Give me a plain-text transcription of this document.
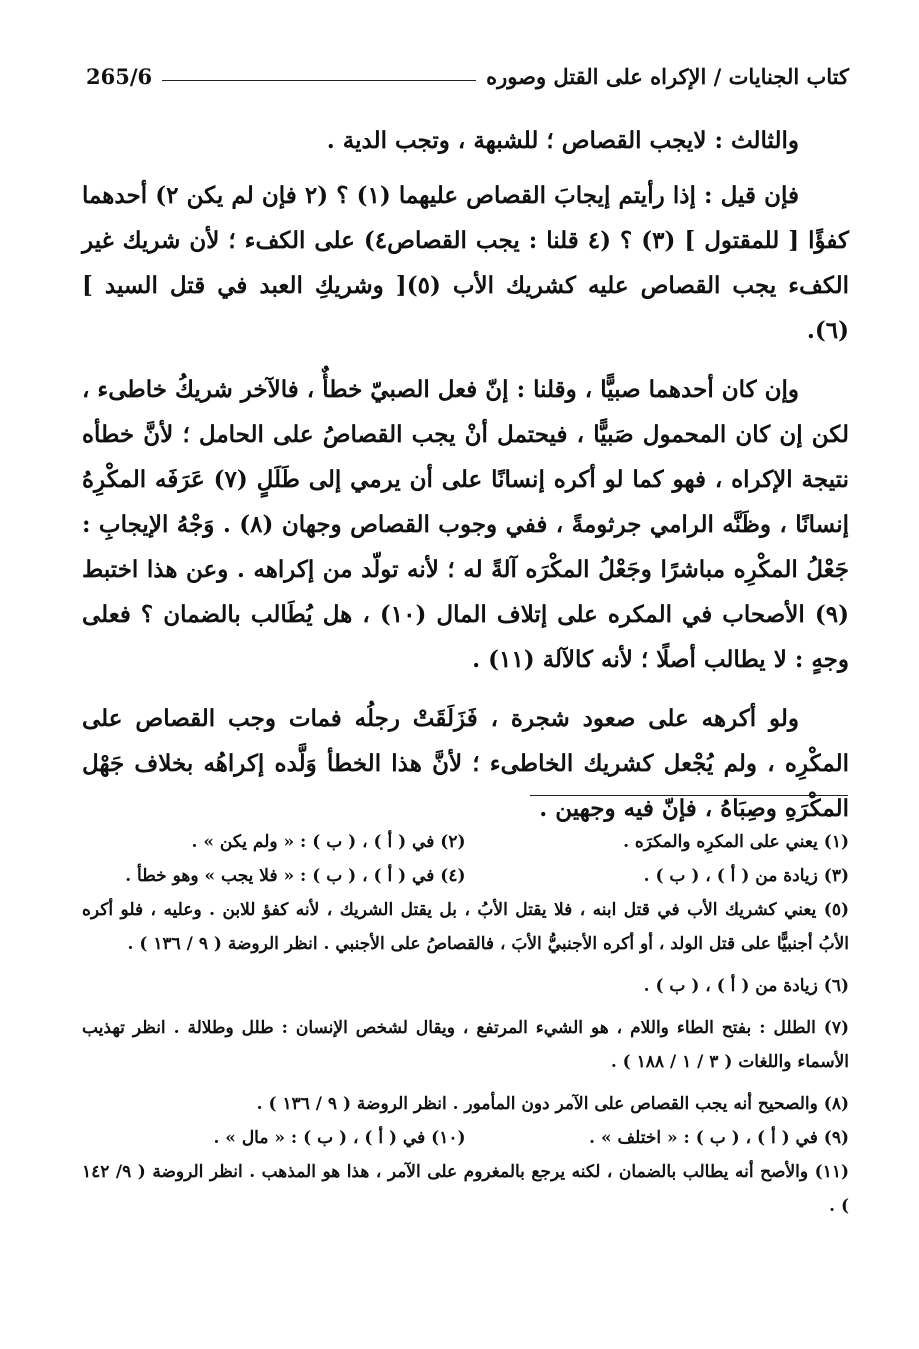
كتاب الجنايات / الإكراه على القتل وصوره
265/6

والثالث : لايجب القصاص ؛ للشبهة ، وتجب الدية .

فإن قيل : إذا رأيتم إيجابَ القصاص عليهما (١) ؟ (٢ فإن لم يكن ٢) أحدهما كفؤًا [ للمقتول ] (٣) ؟ (٤ قلنا : يجب القصاص٤) على الكفء ؛ لأن شريك غير الكفء يجب القصاص عليه كشريك الأب (٥)[ وشريكِ العبد في قتل السيد ] (٦).

وإن كان أحدهما صبيًّا ، وقلنا : إنّ فعل الصبيّ خطأٌ ، فالآخر شريكُ خاطىء ، لكن إن كان المحمول صَبيًّا ، فيحتمل أنْ يجب القصاصُ على الحامل ؛ لأنَّ خطأه نتيجة الإكراه ، فهو كما لو أكره إنسانًا على أن يرمي إلى طَلَلٍ (٧) عَرَفَه المكْرِهُ إنسانًا ، وظَنَّه الرامي جرثومةً ، ففي وجوب القصاص وجهان (٨) . وَجْهُ الإيجابِ : جَعْلُ المكْرِه مباشرًا وجَعْلُ المكْرَه آلةً له ؛ لأنه تولّد من إكراهه . وعن هذا اختبط (٩) الأصحاب في المكره على إتلاف المال (١٠) ، هل يُطَالب بالضمان ؟ فعلى وجهٍ : لا يطالب أصلًا ؛ لأنه كالآلة (١١) .

ولو أكرهه على صعود شجرة ، فَزَلَقَتْ رجلُه فمات وجب القصاص على المكْرِه ، ولم يُجْعل كشريك الخاطىء ؛ لأنَّ هذا الخطأ وَلَّده إكراهُه بخلاف جَهْل المكْرَهِ وصِبَاهُ ، فإنّ فيه وجهين .

(١) يعني على المكرِه والمكرَه .
(٢) في ( أ ) ، ( ب ) : « ولم يكن » .
(٣) زيادة من ( أ ) ، ( ب ) .
(٤) في ( أ ) ، ( ب ) : « فلا يجب » وهو خطأ .
(٥) يعني كشريك الأب في قتل ابنه ، فلا يقتل الأبُ ، بل يقتل الشريك ، لأنه كفؤ للابن . وعليه ، فلو أكره الأبُ أجنبيًّا على قتل الولد ، أو أكره الأجنبيُّ الأبَ ، فالقصاصُ على الأجنبي . انظر الروضة ( ٩ / ١٣٦ ) .
(٦) زيادة من ( أ ) ، ( ب ) .
(٧) الطلل : بفتح الطاء واللام ، هو الشيء المرتفع ، ويقال لشخص الإنسان : طلل وطلالة . انظر تهذيب الأسماء واللغات ( ٣ / ١ / ١٨٨ ) .
(٨) والصحيح أنه يجب القصاص على الآمر دون المأمور . انظر الروضة ( ٩ / ١٣٦ ) .
(٩) في ( أ ) ، ( ب ) : « اختلف » .
(١٠) في ( أ ) ، ( ب ) : « مال » .
(١١) والأصح أنه يطالب بالضمان ، لكنه يرجع بالمغروم على الآمر ، هذا هو المذهب . انظر الروضة ( ٩/ ١٤٢ ) .
